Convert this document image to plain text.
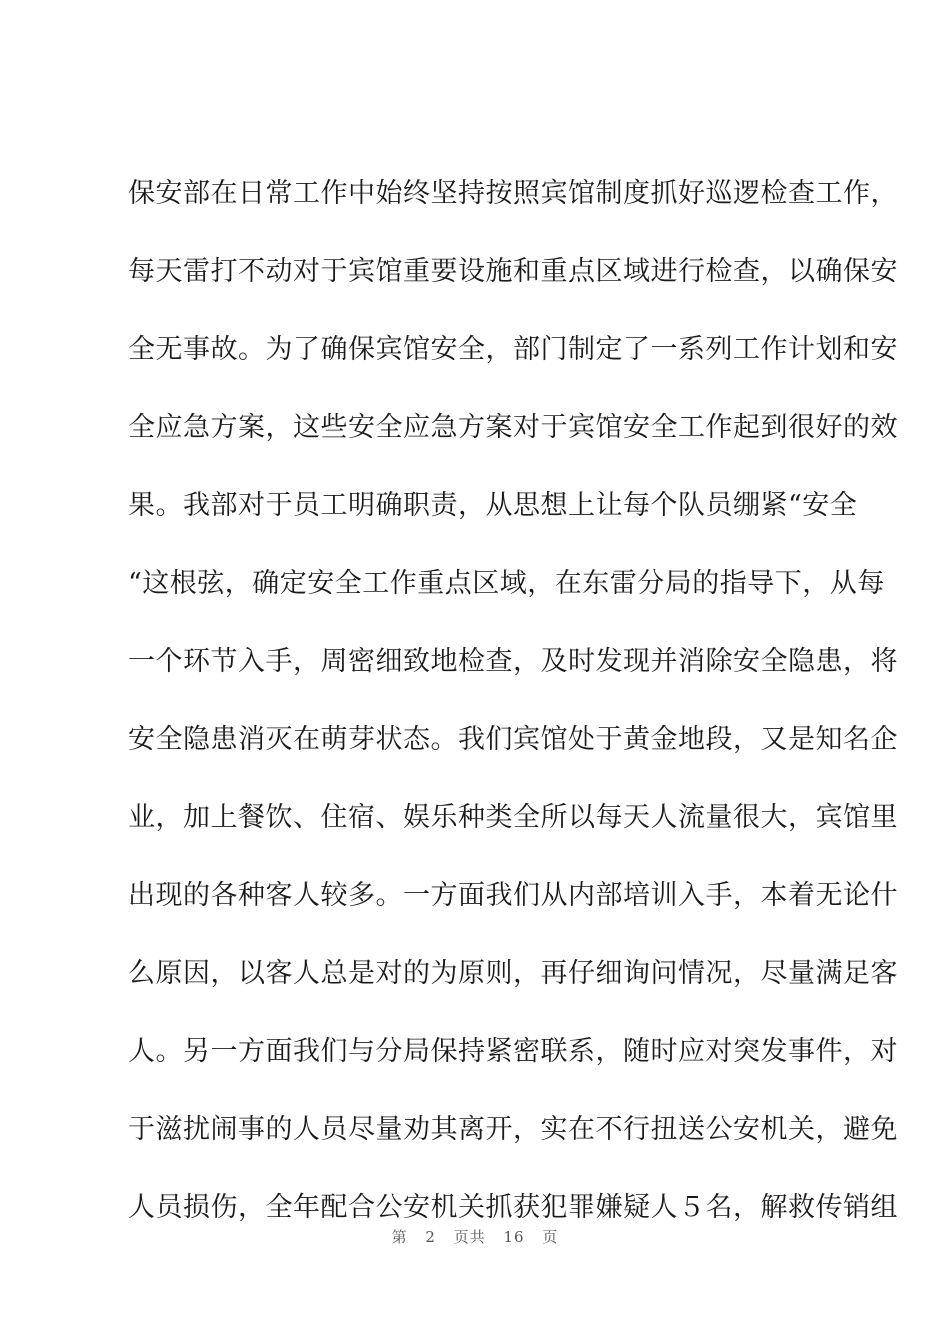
保安部在日常工作中始终坚持按照宾馆制度抓好巡逻检查工作，
每天雷打不动对于宾馆重要设施和重点区域进行检查，以确保安
全无事故。为了确保宾馆安全，部门制定了一系列工作计划和安
全应急方案，这些安全应急方案对于宾馆安全工作起到很好的效
果。我部对于员工明确职责，从思想上让每个队员绷紧“安全
“这根弦，确定安全工作重点区域，在东雷分局的指导下，从每
一个环节入手，周密细致地检查，及时发现并消除安全隐患，将
安全隐患消灭在萌芽状态。我们宾馆处于黄金地段，又是知名企
业，加上餐饮、住宿、娱乐种类全所以每天人流量很大，宾馆里
出现的各种客人较多。一方面我们从内部培训入手，本着无论什
么原因，以客人总是对的为原则，再仔细询问情况，尽量满足客
人。另一方面我们与分局保持紧密联系，随时应对突发事件，对
于滋扰闹事的人员尽量劝其离开，实在不行扭送公安机关，避免
人员损伤，全年配合公安机关抓获犯罪嫌疑人５名，解救传销组
第 2 页共 16 页
